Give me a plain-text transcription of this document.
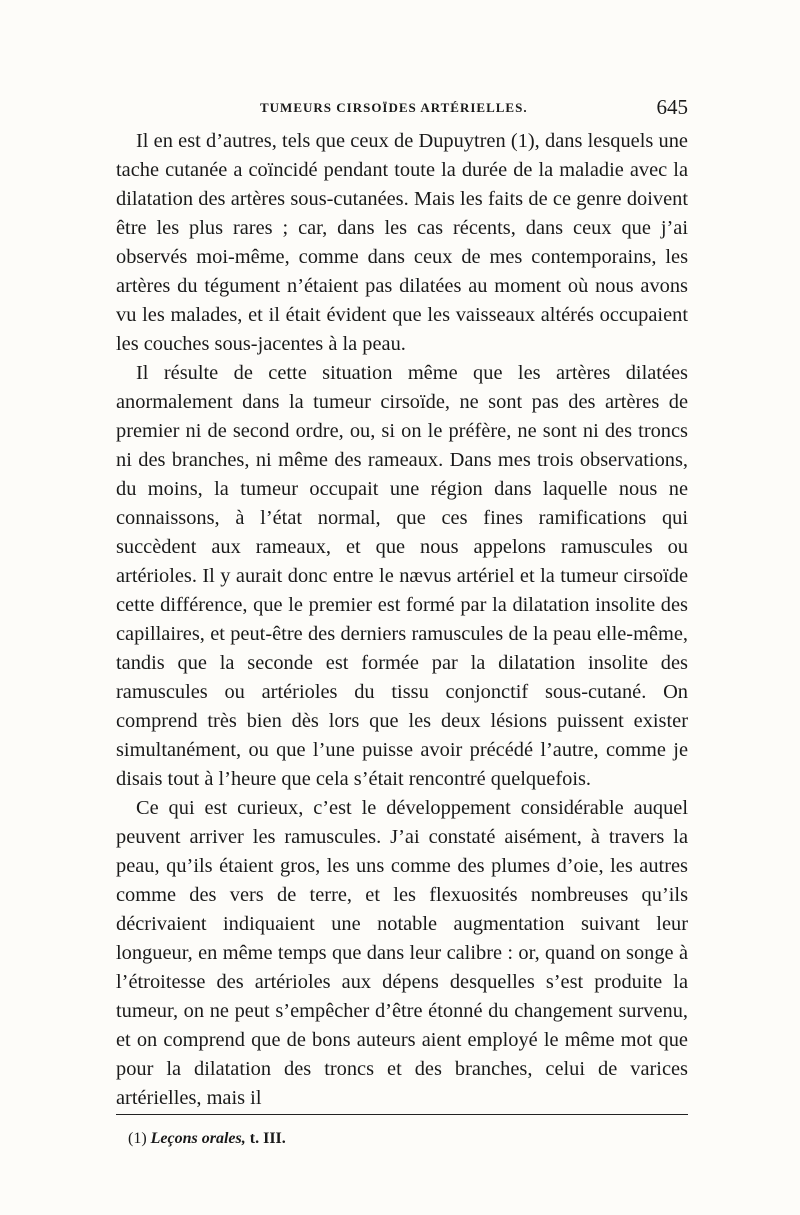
TUMEURS CIRSOÏDES ARTÉRIELLES.	645

Il en est d’autres, tels que ceux de Dupuytren (1), dans lesquels une tache cutanée a coïncidé pendant toute la durée de la maladie avec la dilatation des artères sous-cutanées. Mais les faits de ce genre doivent être les plus rares ; car, dans les cas récents, dans ceux que j’ai observés moi-même, comme dans ceux de mes contemporains, les artères du tégument n’étaient pas dilatées au moment où nous avons vu les malades, et il était évident que les vaisseaux altérés occupaient les couches sous-jacentes à la peau.

Il résulte de cette situation même que les artères dilatées anormalement dans la tumeur cirsoïde, ne sont pas des artères de premier ni de second ordre, ou, si on le préfère, ne sont ni des troncs ni des branches, ni même des rameaux. Dans mes trois observations, du moins, la tumeur occupait une région dans laquelle nous ne connaissons, à l’état normal, que ces fines ramifications qui succèdent aux rameaux, et que nous appelons ramuscules ou artérioles. Il y aurait donc entre le nævus artériel et la tumeur cirsoïde cette différence, que le premier est formé par la dilatation insolite des capillaires, et peut-être des derniers ramuscules de la peau elle-même, tandis que la seconde est formée par la dilatation insolite des ramuscules ou artérioles du tissu conjonctif sous-cutané. On comprend très bien dès lors que les deux lésions puissent exister simultanément, ou que l’une puisse avoir précédé l’autre, comme je disais tout à l’heure que cela s’était rencontré quelquefois.

Ce qui est curieux, c’est le développement considérable auquel peuvent arriver les ramuscules. J’ai constaté aisément, à travers la peau, qu’ils étaient gros, les uns comme des plumes d’oie, les autres comme des vers de terre, et les flexuosités nombreuses qu’ils décrivaient indiquaient une notable augmentation suivant leur longueur, en même temps que dans leur calibre : or, quand on songe à l’étroitesse des artérioles aux dépens desquelles s’est produite la tumeur, on ne peut s’empêcher d’être étonné du changement survenu, et on comprend que de bons auteurs aient employé le même mot que pour la dilatation des troncs et des branches, celui de varices artérielles, mais il

(1) Leçons orales, t. III.
